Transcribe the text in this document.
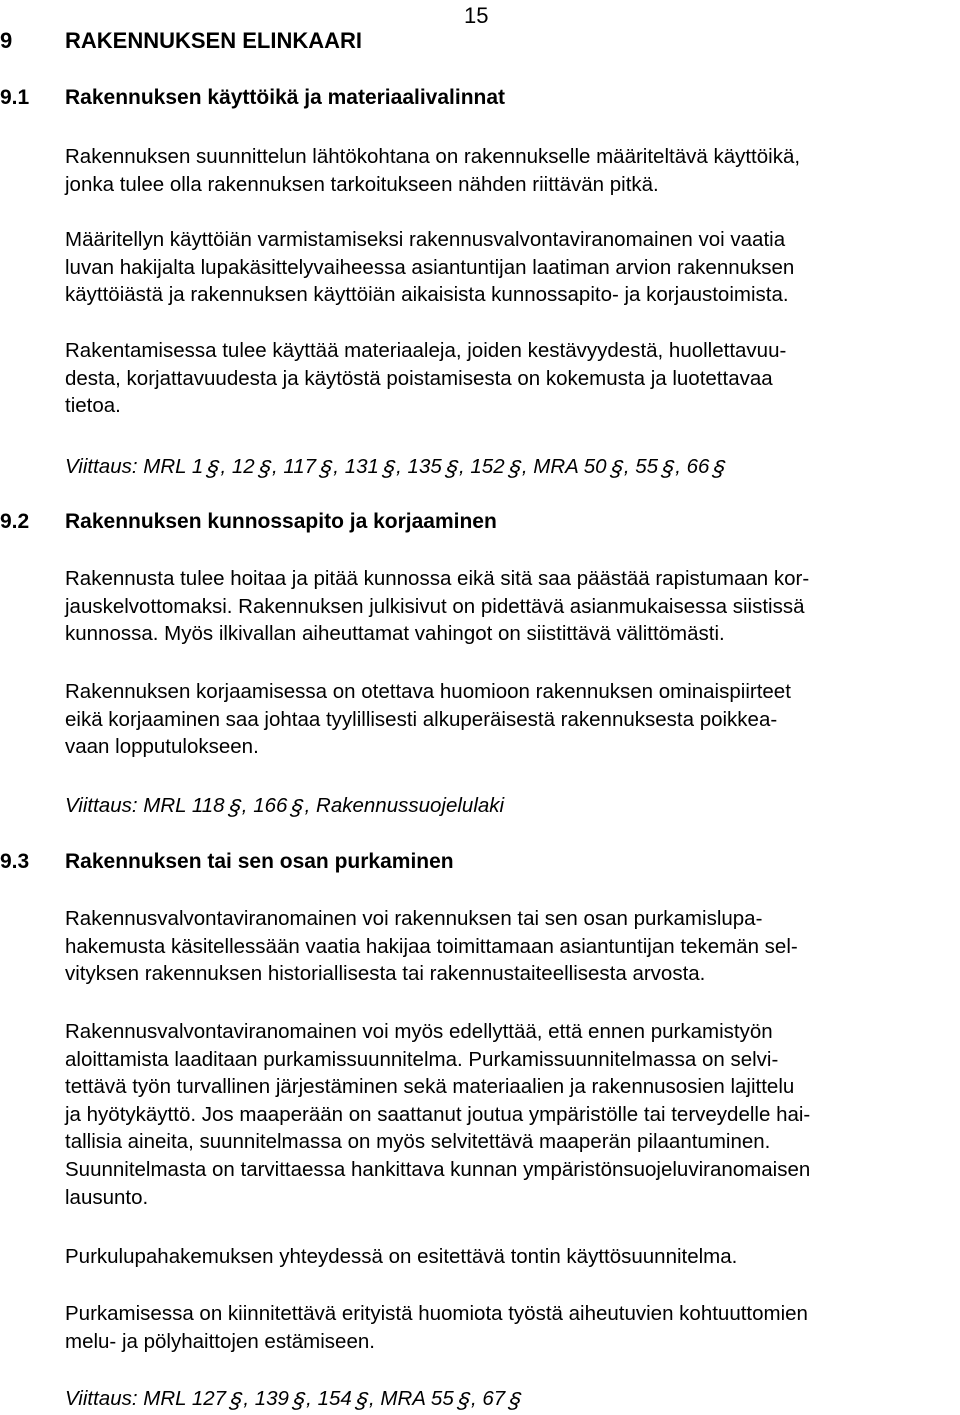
15
9 RAKENNUKSEN ELINKAARI
9.1 Rakennuksen käyttöikä ja materiaalivalinnat
Rakennuksen suunnittelun lähtökohtana on rakennukselle määriteltävä käyttöikä,
jonka tulee olla rakennuksen tarkoitukseen nähden riittävän pitkä.
Määritellyn käyttöiän varmistamiseksi rakennusvalvontaviranomainen voi vaatia
luvan hakijalta lupakäsittelyvaiheessa asiantuntijan laatiman arvion rakennuksen
käyttöiästä ja rakennuksen käyttöiän aikaisista kunnossapito- ja korjaustoimista.
Rakentamisessa tulee käyttää materiaaleja, joiden kestävyydestä, huollettavuu-
desta, korjattavuudesta ja käytöstä poistamisesta on kokemusta ja luotettavaa
tietoa.
Viittaus: MRL 1 §, 12 §, 117 §, 131 §, 135 §, 152 §, MRA 50 §, 55 §, 66 §
9.2 Rakennuksen kunnossapito ja korjaaminen
Rakennusta tulee hoitaa ja pitää kunnossa eikä sitä saa päästää rapistumaan kor-
jauskelvottomaksi. Rakennuksen julkisivut on pidettävä asianmukaisessa siistissä
kunnossa. Myös ilkivallan aiheuttamat vahingot on siistittävä välittömästi.
Rakennuksen korjaamisessa on otettava huomioon rakennuksen ominaispiirteet
eikä korjaaminen saa johtaa tyylillisesti alkuperäisestä rakennuksesta poikkea-
vaan lopputulokseen.
Viittaus: MRL 118 §, 166 §, Rakennussuojelulaki
9.3 Rakennuksen tai sen osan purkaminen
Rakennusvalvontaviranomainen voi rakennuksen tai sen osan purkamislupa-
hakemusta käsitellessään vaatia hakijaa toimittamaan asiantuntijan tekemän sel-
vityksen rakennuksen historiallisesta tai rakennustaiteellisesta arvosta.
Rakennusvalvontaviranomainen voi myös edellyttää, että ennen purkamistyön
aloittamista laaditaan purkamissuunnitelma. Purkamissuunnitelmassa on selvi-
tettävä työn turvallinen järjestäminen sekä materiaalien ja rakennusosien lajittelu
ja hyötykäyttö. Jos maaperään on saattanut joutua ympäristölle tai terveydelle hai-
tallisia aineita, suunnitelmassa on myös selvitettävä maaperän pilaantuminen.
Suunnitelmasta on tarvittaessa hankittava kunnan ympäristönsuojeluviranomaisen
lausunto.
Purkulupahakemuksen yhteydessä on esitettävä tontin käyttösuunnitelma.
Purkamisessa on kiinnitettävä erityistä huomiota työstä aiheutuvien kohtuuttomien
melu- ja pölyhaittojen estämiseen.
Viittaus: MRL 127 §, 139 §, 154 §, MRA 55 §, 67 §
